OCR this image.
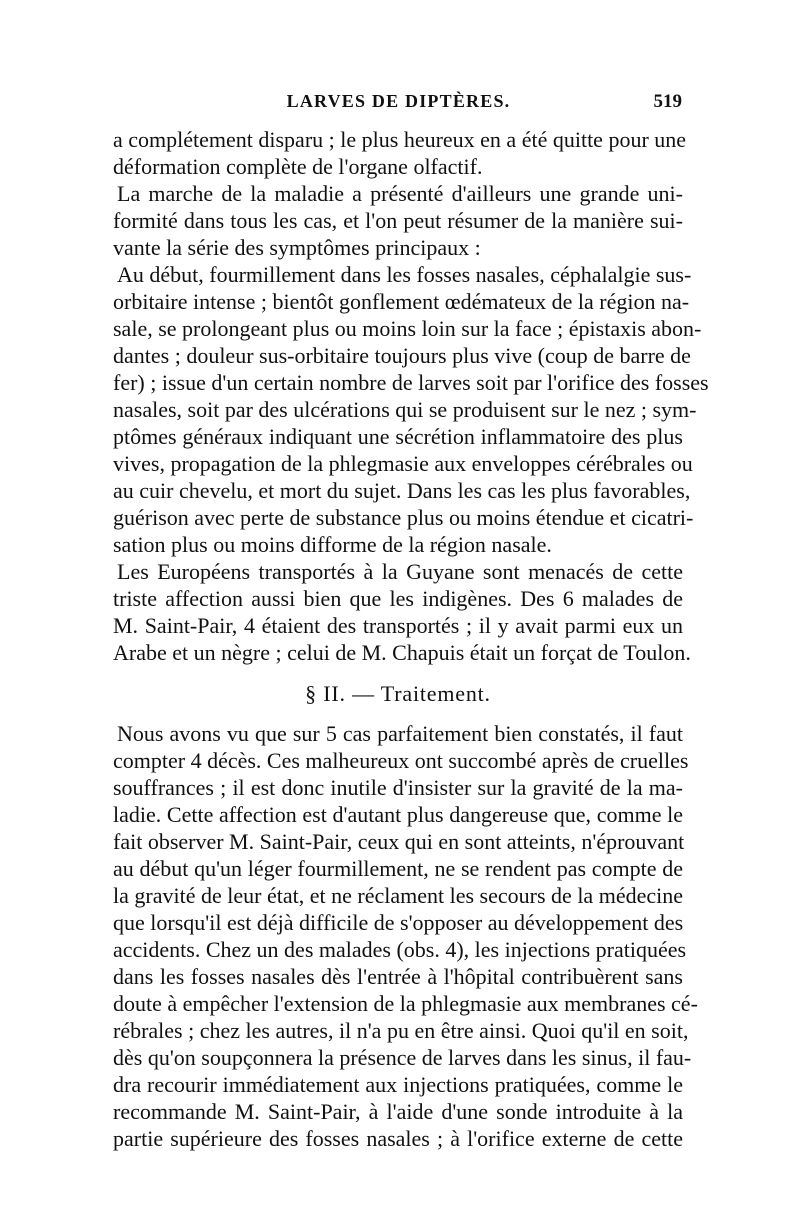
LARVES DE DIPTÈRES.	519
a complétement disparu ; le plus heureux en a été quitte pour une
déformation complète de l'organe olfactif.
La marche de la maladie a présenté d'ailleurs une grande uni-
formité dans tous les cas, et l'on peut résumer de la manière sui-
vante la série des symptômes principaux :
Au début, fourmillement dans les fosses nasales, céphalalgie sus-
orbitaire intense ; bientôt gonflement œdémateux de la région na-
sale, se prolongeant plus ou moins loin sur la face ; épistaxis abon-
dantes ; douleur sus-orbitaire toujours plus vive (coup de barre de
fer) ; issue d'un certain nombre de larves soit par l'orifice des fosses
nasales, soit par des ulcérations qui se produisent sur le nez ; sym-
ptômes généraux indiquant une sécrétion inflammatoire des plus
vives, propagation de la phlegmasie aux enveloppes cérébrales ou
au cuir chevelu, et mort du sujet. Dans les cas les plus favorables,
guérison avec perte de substance plus ou moins étendue et cicatri-
sation plus ou moins difforme de la région nasale.
Les Européens transportés à la Guyane sont menacés de cette
triste affection aussi bien que les indigènes. Des 6 malades de
M. Saint-Pair, 4 étaient des transportés ; il y avait parmi eux un
Arabe et un nègre ; celui de M. Chapuis était un forçat de Toulon.
§ II. — Traitement.
Nous avons vu que sur 5 cas parfaitement bien constatés, il faut
compter 4 décès. Ces malheureux ont succombé après de cruelles
souffrances ; il est donc inutile d'insister sur la gravité de la ma-
ladie. Cette affection est d'autant plus dangereuse que, comme le
fait observer M. Saint-Pair, ceux qui en sont atteints, n'éprouvant
au début qu'un léger fourmillement, ne se rendent pas compte de
la gravité de leur état, et ne réclament les secours de la médecine
que lorsqu'il est déjà difficile de s'opposer au développement des
accidents. Chez un des malades (obs. 4), les injections pratiquées
dans les fosses nasales dès l'entrée à l'hôpital contribuèrent sans
doute à empêcher l'extension de la phlegmasie aux membranes cé-
rébrales ; chez les autres, il n'a pu en être ainsi. Quoi qu'il en soit,
dès qu'on soupçonnera la présence de larves dans les sinus, il fau-
dra recourir immédiatement aux injections pratiquées, comme le
recommande M. Saint-Pair, à l'aide d'une sonde introduite à la
partie supérieure des fosses nasales ; à l'orifice externe de cette
